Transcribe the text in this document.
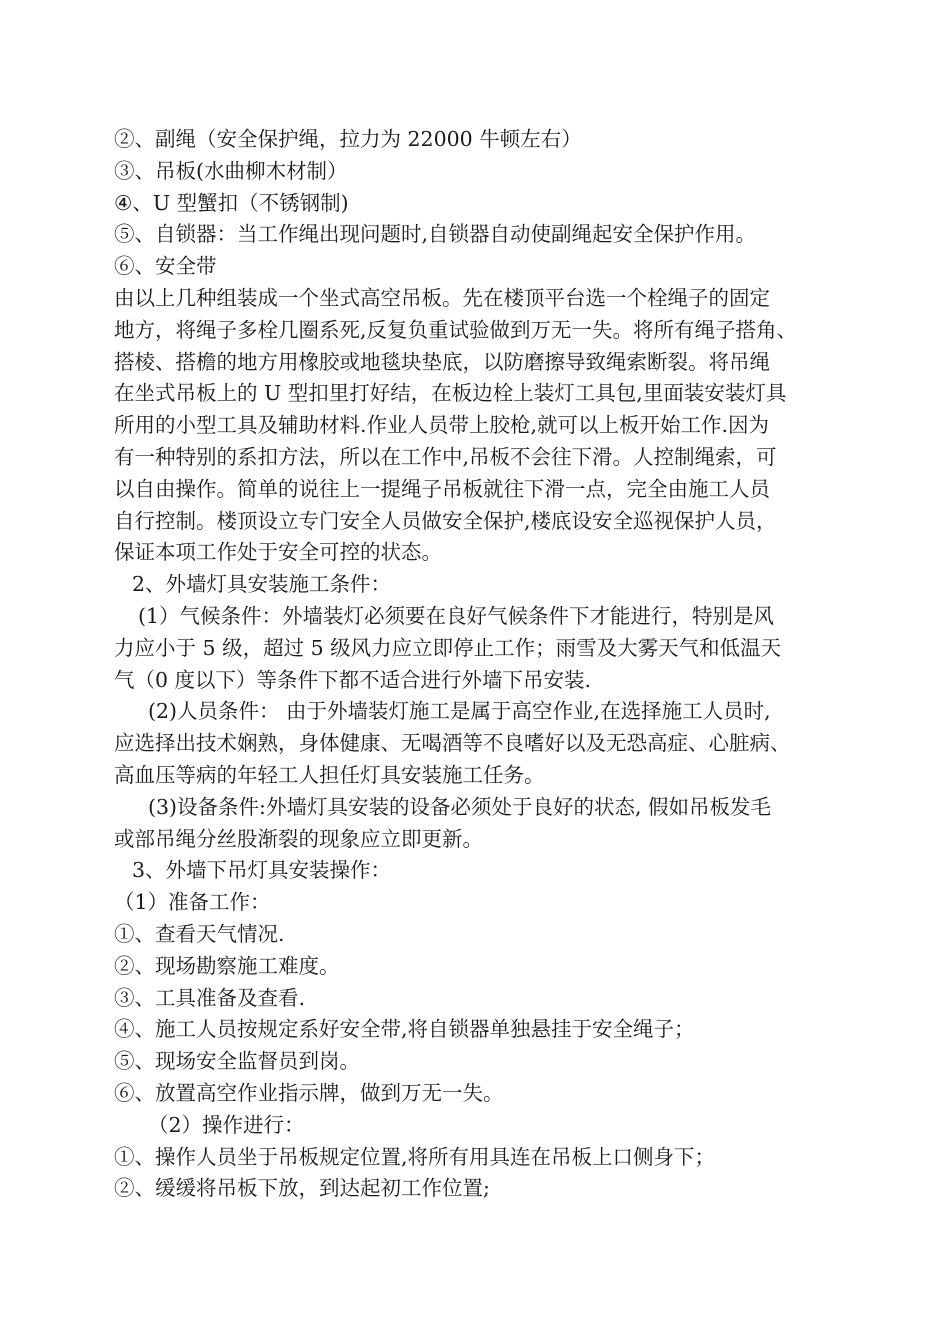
②、副绳（安全保护绳，拉力为 22000 牛顿左右）
③、吊板(水曲柳木材制）
④、U 型蟹扣（不锈钢制)
⑤、自锁器：当工作绳出现问题时,自锁器自动使副绳起安全保护作用。
⑥、安全带
由以上几种组装成一个坐式高空吊板。先在楼顶平台选一个栓绳子的固定
地方，将绳子多栓几圈系死,反复负重试验做到万无一失。将所有绳子搭角、
搭棱、搭檐的地方用橡胶或地毯块垫底，以防磨擦导致绳索断裂。将吊绳
在坐式吊板上的 U 型扣里打好结，在板边栓上装灯工具包,里面装安装灯具
所用的小型工具及辅助材料.作业人员带上胶枪,就可以上板开始工作.因为
有一种特别的系扣方法，所以在工作中,吊板不会往下滑。人控制绳索，可
以自由操作。简单的说往上一提绳子吊板就往下滑一点，完全由施工人员
自行控制。楼顶设立专门安全人员做安全保护,楼底设安全巡视保护人员，
保证本项工作处于安全可控的状态。
2、外墙灯具安装施工条件：
(1）气候条件：外墙装灯必须要在良好气候条件下才能进行，特别是风
力应小于 5 级，超过 5 级风力应立即停止工作；雨雪及大雾天气和低温天
气（0 度以下）等条件下都不适合进行外墙下吊安装.
(2)人员条件： 由于外墙装灯施工是属于高空作业,在选择施工人员时,
应选择出技术娴熟，身体健康、无喝酒等不良嗜好以及无恐高症、心脏病、
高血压等病的年轻工人担任灯具安装施工任务。
(3)设备条件:外墙灯具安装的设备必须处于良好的状态, 假如吊板发毛
或部吊绳分丝股渐裂的现象应立即更新。
3、外墙下吊灯具安装操作：
（1）准备工作：
①、查看天气情况.
②、现场勘察施工难度。
③、工具准备及查看.
④、施工人员按规定系好安全带,将自锁器单独悬挂于安全绳子；
⑤、现场安全监督员到岗。
⑥、放置高空作业指示牌，做到万无一失。
（2）操作进行：
①、操作人员坐于吊板规定位置,将所有用具连在吊板上口侧身下；
②、缓缓将吊板下放，到达起初工作位置;
